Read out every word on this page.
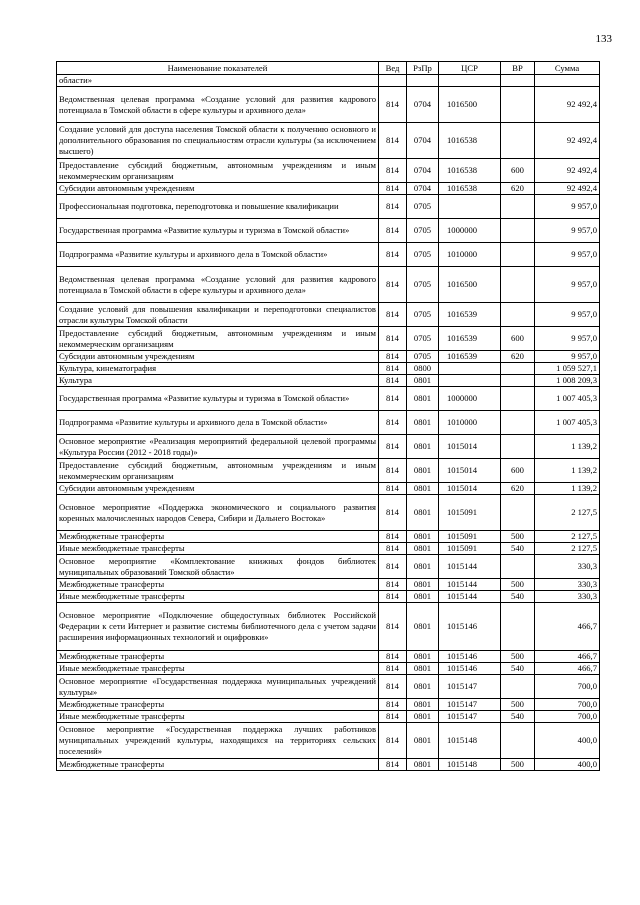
133
Наименование показателей	Вед	РзПр	ЦСР	ВР	Сумма
области»					
Ведомственная целевая программа «Создание условий для развития кадрового потенциала в Томской области в сфере культуры и архивного дела»	814	0704	1016500		92 492,4
Создание условий для доступа населения Томской области к получению основного и дополнительного образования по специальностям отрасли культуры (за исключением высшего)	814	0704	1016538		92 492,4
Предоставление субсидий бюджетным, автономным учреждениям и иным некоммерческим организациям	814	0704	1016538	600	92 492,4
Субсидии автономным учреждениям	814	0704	1016538	620	92 492,4
Профессиональная подготовка, переподготовка и повышение квалификации	814	0705			9 957,0
Государственная программа «Развитие культуры и туризма в Томской области»	814	0705	1000000		9 957,0
Подпрограмма «Развитие культуры и архивного дела в Томской области»	814	0705	1010000		9 957,0
Ведомственная целевая программа «Создание условий для развития кадрового потенциала в Томской области в сфере культуры и архивного дела»	814	0705	1016500		9 957,0
Создание условий для повышения квалификации и переподготовки специалистов отрасли культуры Томской области	814	0705	1016539		9 957,0
Предоставление субсидий бюджетным, автономным учреждениям и иным некоммерческим организациям	814	0705	1016539	600	9 957,0
Субсидии автономным учреждениям	814	0705	1016539	620	9 957,0
Культура, кинематография	814	0800			1 059 527,1
Культура	814	0801			1 008 209,3
Государственная программа «Развитие культуры и туризма в Томской области»	814	0801	1000000		1 007 405,3
Подпрограмма «Развитие культуры и архивного дела в Томской области»	814	0801	1010000		1 007 405,3
Основное мероприятие «Реализация мероприятий федеральной целевой программы «Культура России (2012 - 2018 годы)»	814	0801	1015014		1 139,2
Предоставление субсидий бюджетным, автономным учреждениям и иным некоммерческим организациям	814	0801	1015014	600	1 139,2
Субсидии автономным учреждениям	814	0801	1015014	620	1 139,2
Основное мероприятие «Поддержка экономического и социального развития коренных малочисленных народов Севера, Сибири и Дальнего Востока»	814	0801	1015091		2 127,5
Межбюджетные трансферты	814	0801	1015091	500	2 127,5
Иные межбюджетные трансферты	814	0801	1015091	540	2 127,5
Основное мероприятие «Комплектование книжных фондов библиотек муниципальных образований Томской области»	814	0801	1015144		330,3
Межбюджетные трансферты	814	0801	1015144	500	330,3
Иные межбюджетные трансферты	814	0801	1015144	540	330,3
Основное мероприятие «Подключение общедоступных библиотек Российской Федерации к сети Интернет и развитие системы библиотечного дела с учетом задачи расширения информационных технологий и оцифровки»	814	0801	1015146		466,7
Межбюджетные трансферты	814	0801	1015146	500	466,7
Иные межбюджетные трансферты	814	0801	1015146	540	466,7
Основное мероприятие «Государственная поддержка муниципальных учреждений культуры»	814	0801	1015147		700,0
Межбюджетные трансферты	814	0801	1015147	500	700,0
Иные межбюджетные трансферты	814	0801	1015147	540	700,0
Основное мероприятие «Государственная поддержка лучших работников муниципальных учреждений культуры, находящихся на территориях сельских поселений»	814	0801	1015148		400,0
Межбюджетные трансферты	814	0801	1015148	500	400,0
